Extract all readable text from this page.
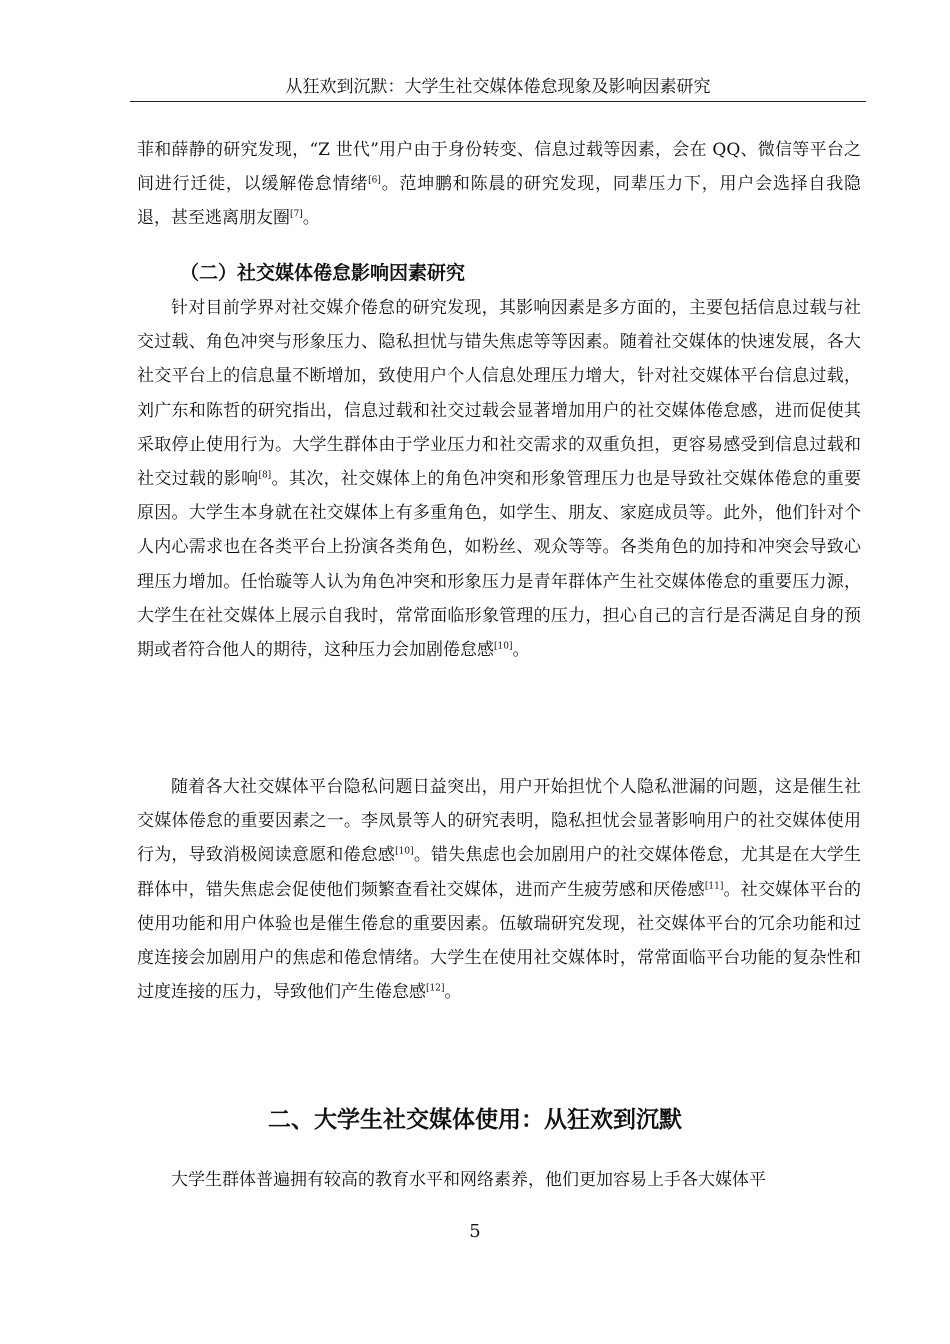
从狂欢到沉默：大学生社交媒体倦怠现象及影响因素研究

菲和薛静的研究发现，“Z 世代”用户由于身份转变、信息过载等因素，会在 QQ、微信等平台之间进行迁徙，以缓解倦怠情绪[6]。范坤鹏和陈晨的研究发现，同辈压力下，用户会选择自我隐退，甚至逃离朋友圈[7]。

（二）社交媒体倦怠影响因素研究

针对目前学界对社交媒介倦怠的研究发现，其影响因素是多方面的，主要包括信息过载与社交过载、角色冲突与形象压力、隐私担忧与错失焦虑等等因素。随着社交媒体的快速发展，各大社交平台上的信息量不断增加，致使用户个人信息处理压力增大，针对社交媒体平台信息过载，刘广东和陈哲的研究指出，信息过载和社交过载会显著增加用户的社交媒体倦怠感，进而促使其采取停止使用行为。大学生群体由于学业压力和社交需求的双重负担，更容易感受到信息过载和社交过载的影响[8]。其次，社交媒体上的角色冲突和形象管理压力也是导致社交媒体倦怠的重要原因。大学生本身就在社交媒体上有多重角色，如学生、朋友、家庭成员等。此外，他们针对个人内心需求也在各类平台上扮演各类角色，如粉丝、观众等等。各类角色的加持和冲突会导致心理压力增加。任怡璇等人认为角色冲突和形象压力是青年群体产生社交媒体倦怠的重要压力源，大学生在社交媒体上展示自我时，常常面临形象管理的压力，担心自己的言行是否满足自身的预期或者符合他人的期待，这种压力会加剧倦怠感[10]。

随着各大社交媒体平台隐私问题日益突出，用户开始担忧个人隐私泄漏的问题，这是催生社交媒体倦怠的重要因素之一。李凤景等人的研究表明，隐私担忧会显著影响用户的社交媒体使用行为，导致消极阅读意愿和倦怠感[10]。错失焦虑也会加剧用户的社交媒体倦怠，尤其是在大学生群体中，错失焦虑会促使他们频繁查看社交媒体，进而产生疲劳感和厌倦感[11]。社交媒体平台的使用功能和用户体验也是催生倦怠的重要因素。伍敏瑞研究发现，社交媒体平台的冗余功能和过度连接会加剧用户的焦虑和倦怠情绪。大学生在使用社交媒体时，常常面临平台功能的复杂性和过度连接的压力，导致他们产生倦怠感[12]。

二、大学生社交媒体使用：从狂欢到沉默

大学生群体普遍拥有较高的教育水平和网络素养，他们更加容易上手各大媒体平

5
